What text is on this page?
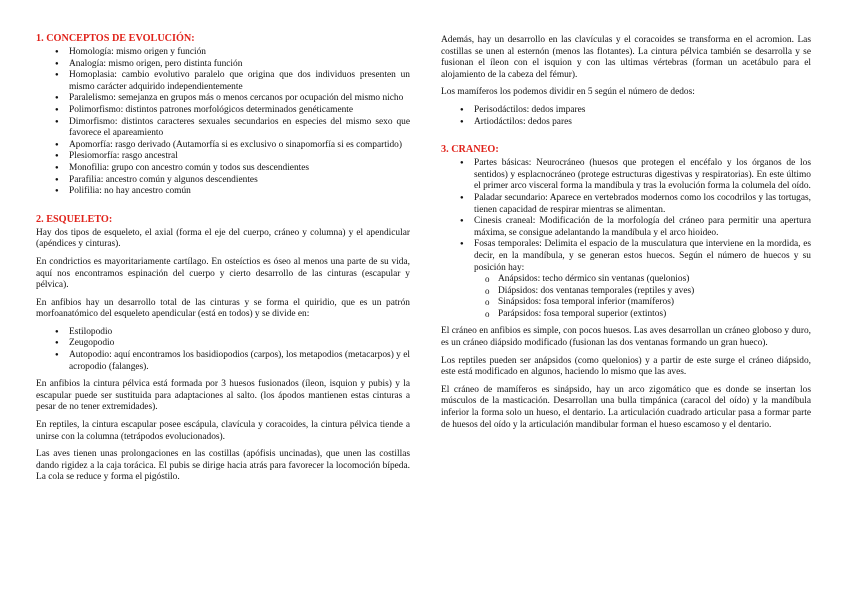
1. CONCEPTOS DE EVOLUCIÓN:
● Homología: mismo origen y función
● Analogía: mismo origen, pero distinta función
● Homoplasia: cambio evolutivo paralelo que origina que dos individuos presenten un mismo carácter adquirido independientemente
● Paralelismo: semejanza en grupos más o menos cercanos por ocupación del mismo nicho
● Polimorfismo: distintos patrones morfológicos determinados genéticamente
● Dimorfismo: distintos caracteres sexuales secundarios en especies del mismo sexo que favorece el apareamiento
● Apomorfía: rasgo derivado (Autamorfía si es exclusivo o sinapomorfía si es compartido)
● Plesiomorfía: rasgo ancestral
● Monofilia: grupo con ancestro común y todos sus descendientes
● Parafilia: ancestro común y algunos descendientes
● Polifilia: no hay ancestro común
2. ESQUELETO:

Hay dos tipos de esqueleto, el axial (forma el eje del cuerpo, cráneo y columna) y el apendicular (apéndices y cinturas).

En condrictios es mayoritariamente cartílago. En osteíctios es óseo al menos una parte de su vida, aquí nos encontramos espinación del cuerpo y cierto desarrollo de las cinturas (escapular y pélvica).

En anfibios hay un desarrollo total de las cinturas y se forma el quiridio, que es un patrón morfoanatómico del esqueleto apendicular (está en todos) y se divide en:

● Estilopodio
● Zeugopodio
● Autopodio: aquí encontramos los basidiopodios (carpos), los metapodios (metacarpos) y el acropodio (falanges).

En anfibios la cintura pélvica está formada por 3 huesos fusionados (íleon, isquion y pubis) y la escapular puede ser sustituida para adaptaciones al salto. (los ápodos mantienen estas cinturas a pesar de no tener extremidades).

En reptiles, la cintura escapular posee escápula, clavícula y coracoides, la cintura pélvica tiende a unirse con la columna (tetrápodos evolucionados).

Las aves tienen unas prolongaciones en las costillas (apófisis uncinadas), que unen las costillas dando rigidez a la caja torácica. El pubis se dirige hacia atrás para favorecer la locomoción bípeda. La cola se reduce y forma el pigóstilo.

Además, hay un desarrollo en las clavículas y el coracoides se transforma en el acromion. Las costillas se unen al esternón (menos las flotantes). La cintura pélvica también se desarrolla y se fusionan el íleon con el isquion y con las ultimas vértebras (forman un acetábulo para el alojamiento de la cabeza del fémur).

Los mamíferos los podemos dividir en 5 según el número de dedos:

● Perisodáctilos: dedos impares
● Artiodáctilos: dedos pares
3. CRANEO:
● Partes básicas: Neurocráneo (huesos que protegen el encéfalo y los órganos de los sentidos) y esplacnocráneo (protege estructuras digestivas y respiratorias). En este último el primer arco visceral forma la mandíbula y tras la evolución forma la columela del oído.
● Paladar secundario: Aparece en vertebrados modernos como los cocodrilos y las tortugas, tienen capacidad de respirar mientras se alimentan.
● Cinesis craneal: Modificación de la morfología del cráneo para permitir una apertura máxima, se consigue adelantando la mandíbula y el arco hioideo.
● Fosas temporales: Delimita el espacio de la musculatura que interviene en la mordida, es decir, en la mandíbula, y se generan estos huecos. Según el número de huecos y su posición hay:
o Anápsidos: techo dérmico sin ventanas (quelonios)
o Diápsidos: dos ventanas temporales (reptiles y aves)
o Sinápsidos: fosa temporal inferior (mamíferos)
o Parápsidos: fosa temporal superior (extintos)

El cráneo en anfibios es simple, con pocos huesos. Las aves desarrollan un cráneo globoso y duro, es un cráneo diápsido modificado (fusionan las dos ventanas formando un gran hueco).

Los reptiles pueden ser anápsidos (como quelonios) y a partir de este surge el cráneo diápsido, este está modificado en algunos, haciendo lo mismo que las aves.

El cráneo de mamíferos es sinápsido, hay un arco zigomático que es donde se insertan los músculos de la masticación. Desarrollan una bulla timpánica (caracol del oído) y la mandíbula inferior la forma solo un hueso, el dentario. La articulación cuadrado articular pasa a formar parte de huesos del oído y la articulación mandibular forman el hueso escamoso y el dentario.
